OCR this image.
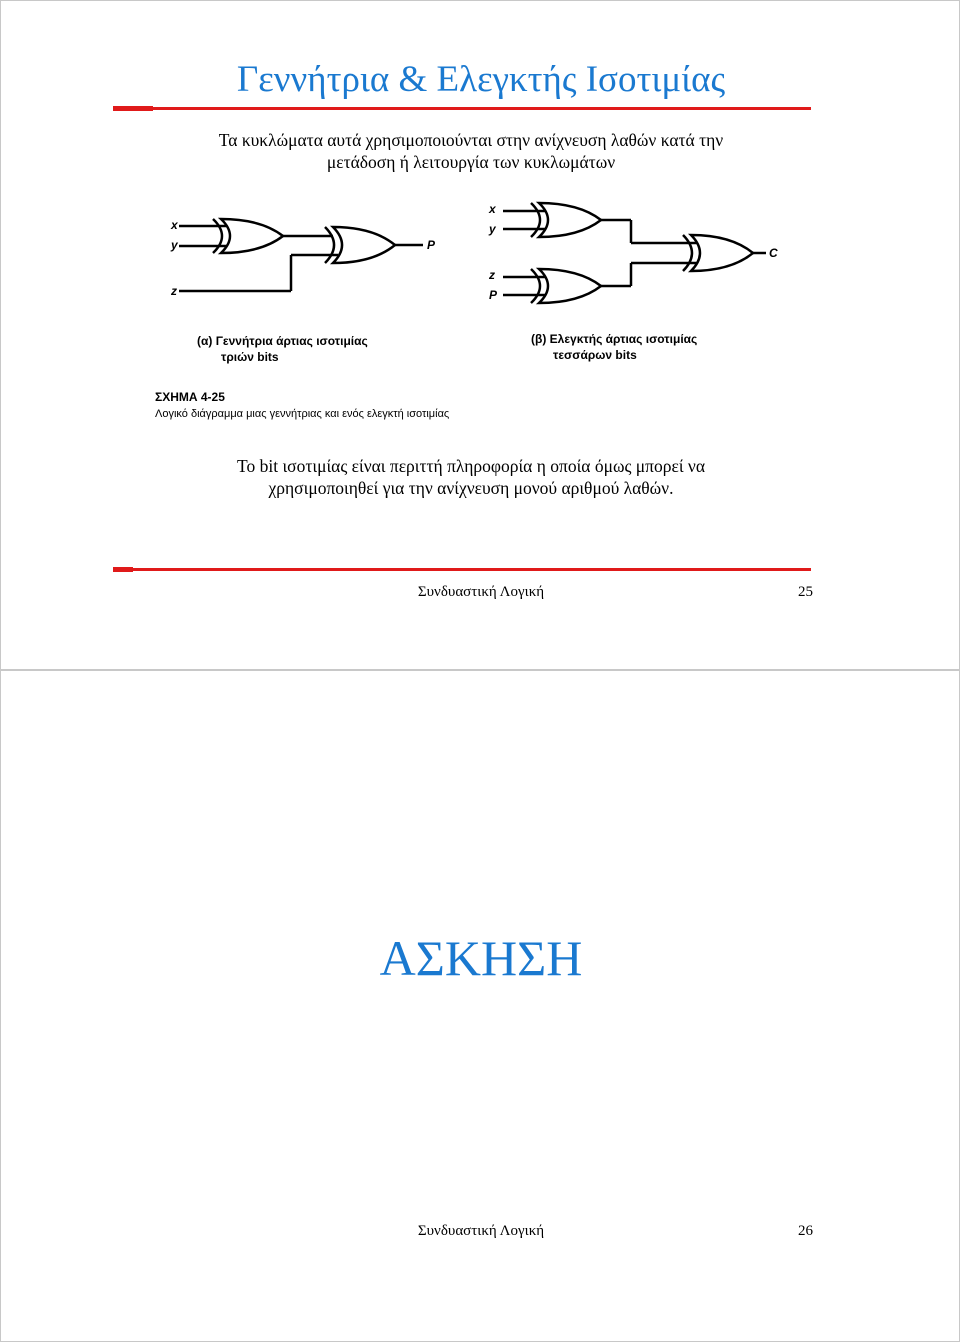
Γεννήτρια & Ελεγκτής Ισοτιμίας
Τα κυκλώματα αυτά χρησιμοποιούνται στην ανίχνευση λαθών κατά την
μετάδοση ή λειτουργία των κυκλωμάτων
x
y
z
P
x
y
z
P
C
(α) Γεννήτρια άρτιας ισοτιμίας
τριών bits
(β) Ελεγκτής άρτιας ισοτιμίας
τεσσάρων bits
ΣΧΗΜΑ 4-25
Λογικό διάγραμμα μιας γεννήτριας και ενός ελεγκτή ισοτιμίας
Το bit ισοτιμίας είναι περιττή πληροφορία η οποία όμως μπορεί να
χρησιμοποιηθεί για την ανίχνευση μονού αριθμού λαθών.
Συνδυαστική Λογική	25
ΑΣΚΗΣΗ
Συνδυαστική Λογική	26
